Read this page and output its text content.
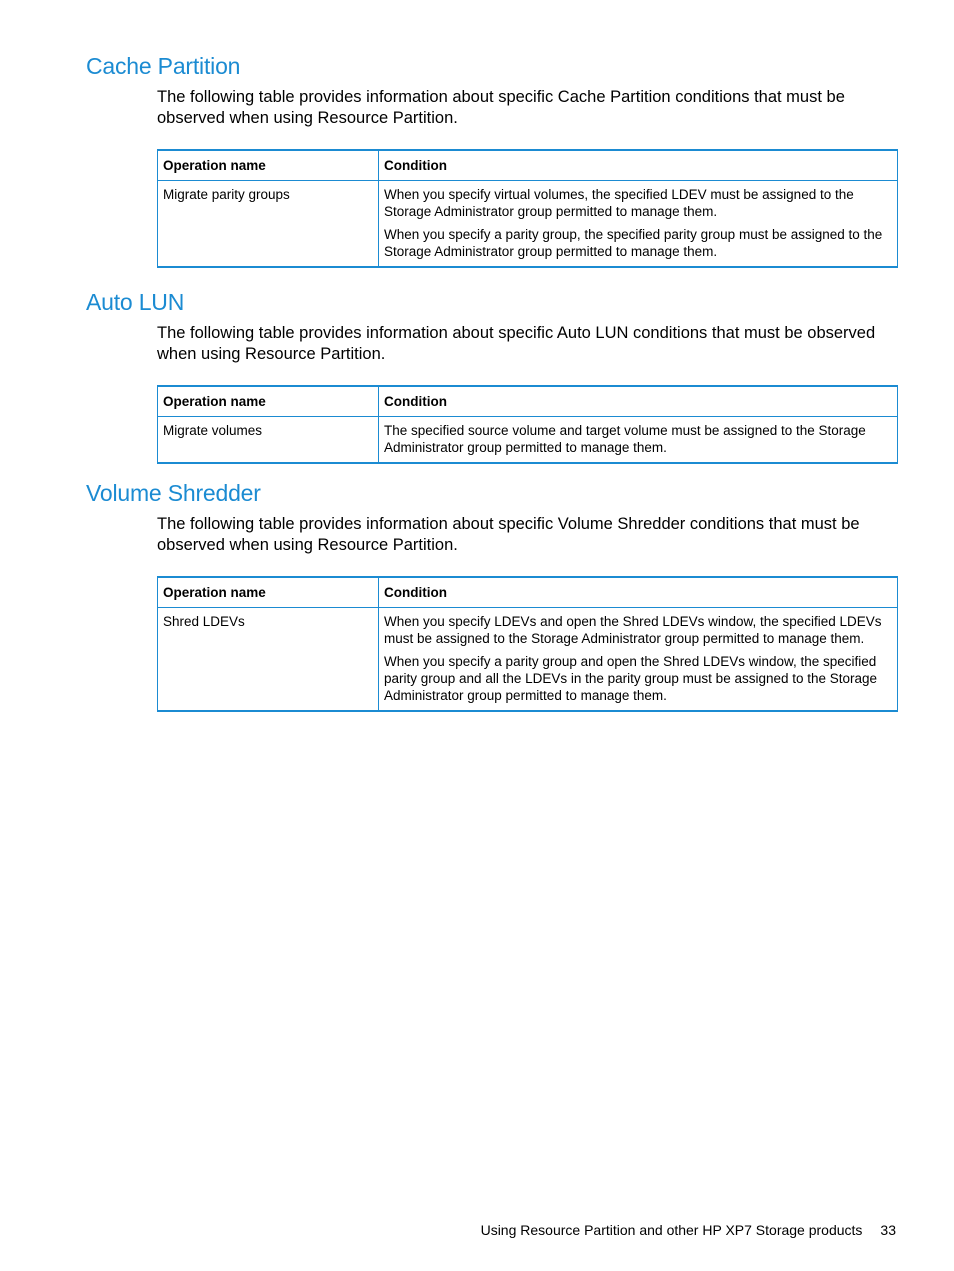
Cache Partition

The following table provides information about specific Cache Partition conditions that must be observed when using Resource Partition.

Operation name	Condition
Migrate parity groups	When you specify virtual volumes, the specified LDEV must be assigned to the Storage Administrator group permitted to manage them.

When you specify a parity group, the specified parity group must be assigned to the Storage Administrator group permitted to manage them.

Auto LUN

The following table provides information about specific Auto LUN conditions that must be observed when using Resource Partition.

Operation name	Condition
Migrate volumes	The specified source volume and target volume must be assigned to the Storage Administrator group permitted to manage them.

Volume Shredder

The following table provides information about specific Volume Shredder conditions that must be observed when using Resource Partition.

Operation name	Condition
Shred LDEVs	When you specify LDEVs and open the Shred LDEVs window, the specified LDEVs must be assigned to the Storage Administrator group permitted to manage them.

When you specify a parity group and open the Shred LDEVs window, the specified parity group and all the LDEVs in the parity group must be assigned to the Storage Administrator group permitted to manage them.

Using Resource Partition and other HP XP7 Storage products 33
